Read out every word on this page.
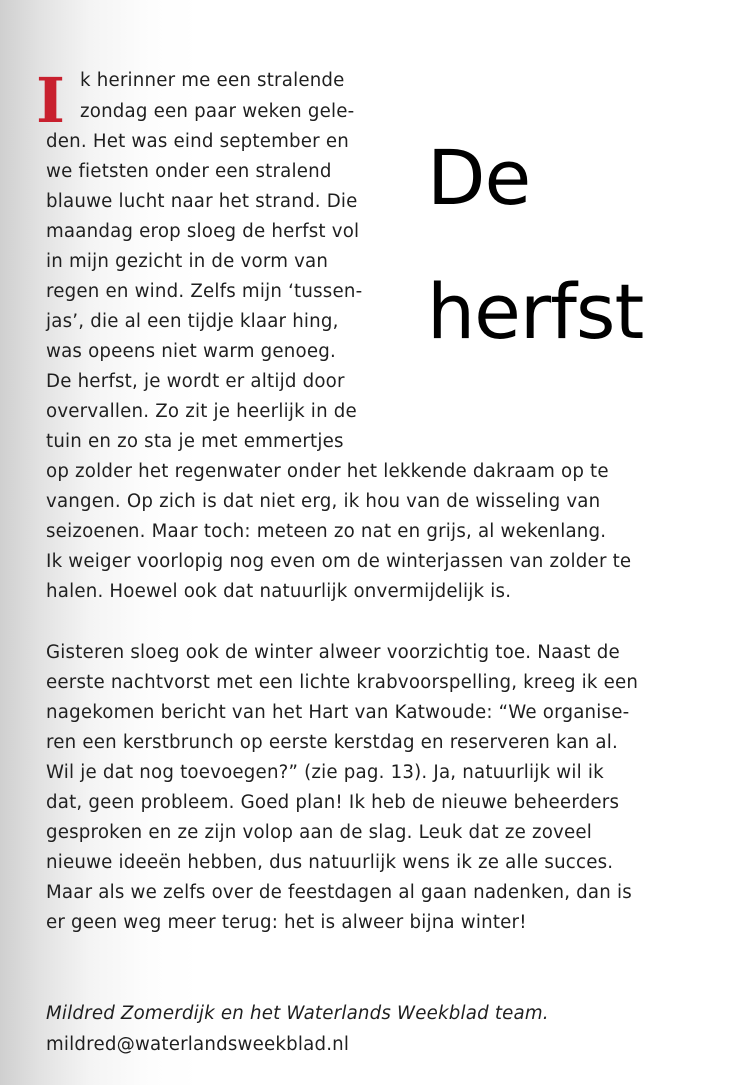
I
De
herfst
k herinner me een stralende
zondag een paar weken gele-
den. Het was eind september en
we fietsten onder een stralend
blauwe lucht naar het strand. Die
maandag erop sloeg de herfst vol
in mijn gezicht in de vorm van
regen en wind. Zelfs mijn ‘tussen-
jas’, die al een tijdje klaar hing,
was opeens niet warm genoeg.
De herfst, je wordt er altijd door
overvallen. Zo zit je heerlijk in de
tuin en zo sta je met emmertjes
op zolder het regenwater onder het lekkende dakraam op te
vangen. Op zich is dat niet erg, ik hou van de wisseling van
seizoenen. Maar toch: meteen zo nat en grijs, al wekenlang.
Ik weiger voorlopig nog even om de winterjassen van zolder te
halen. Hoewel ook dat natuurlijk onvermijdelijk is.
Gisteren sloeg ook de winter alweer voorzichtig toe. Naast de
eerste nachtvorst met een lichte krabvoorspelling, kreeg ik een
nagekomen bericht van het Hart van Katwoude: “We organise-
ren een kerstbrunch op eerste kerstdag en reserveren kan al.
Wil je dat nog toevoegen?” (zie pag. 13). Ja, natuurlijk wil ik
dat, geen probleem. Goed plan! Ik heb de nieuwe beheerders
gesproken en ze zijn volop aan de slag. Leuk dat ze zoveel
nieuwe ideeën hebben, dus natuurlijk wens ik ze alle succes.
Maar als we zelfs over de feestdagen al gaan nadenken, dan is
er geen weg meer terug: het is alweer bijna winter!
Mildred Zomerdijk en het Waterlands Weekblad team.
mildred@waterlandsweekblad.nl
